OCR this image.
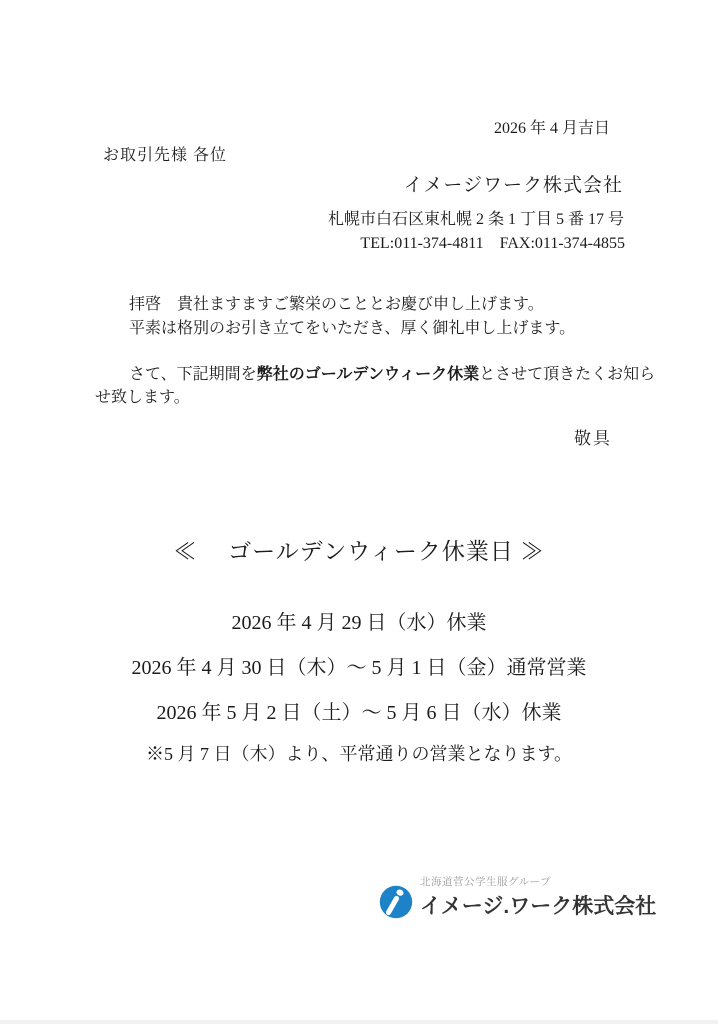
2026 年 4 月吉日
お取引先様 各位
イメージワーク株式会社
札幌市白石区東札幌 2 条 1 丁目 5 番 17 号
TEL:011-374-4811　FAX:011-374-4855
拝啓　貴社ますますご繁栄のこととお慶び申し上げます。
平素は格別のお引き立てをいただき、厚く御礼申し上げます。
さて、下記期間を弊社のゴールデンウィーク休業とさせて頂きたくお知ら
せ致します。
敬具
≪　 ゴールデンウィーク休業日 ≫
2026 年 4 月 29 日（水）休業
2026 年 4 月 30 日（木）～ 5 月 1 日（金）通常営業
2026 年 5 月 2 日（土）～ 5 月 6 日（水）休業
※5 月 7 日（木）より、平常通りの営業となります。
北海道菅公学生服グループ
イメージ.ワーク株式会社
